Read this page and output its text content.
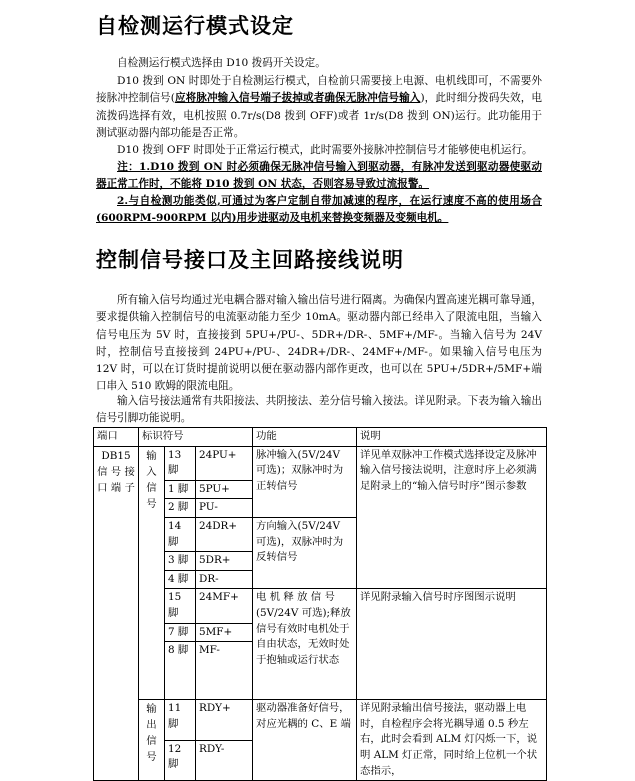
自检测运行模式设定

自检测运行模式选择由 D10 拨码开关设定。

D10 拨到 ON 时即处于自检测运行模式，自检前只需要接上电源、电机线即可，不需要外接脉冲控制信号(应将脉冲输入信号端子拔掉或者确保无脉冲信号输入)，此时细分拨码失效，电流拨码选择有效，电机按照 0.7r/s(D8 拨到 OFF)或者 1r/s(D8 拨到 ON)运行。此功能用于测试驱动器内部功能是否正常。

D10 拨到 OFF 时即处于正常运行模式，此时需要外接脉冲控制信号才能够使电机运行。

注：1.D10 拨到 ON 时必须确保无脉冲信号输入到驱动器，有脉冲发送到驱动器使驱动器正常工作时，不能将 D10 拨到 ON 状态，否则容易导致过流报警。

2.与自检测功能类似,可通过为客户定制自带加减速的程序，在运行速度不高的使用场合(600RPM-900RPM 以内)用步进驱动及电机来替换变频器及变频电机。

控制信号接口及主回路接线说明

所有输入信号均通过光电耦合器对输入输出信号进行隔离。为确保内置高速光耦可靠导通，要求提供输入控制信号的电流驱动能力至少 10mA。驱动器内部已经串入了限流电阻，当输入信号电压为 5V 时，直接接到 5PU+/PU-、5DR+/DR-、5MF+/MF-。当输入信号为 24V 时，控制信号直接接到 24PU+/PU-、24DR+/DR-、24MF+/MF-。如果输入信号电压为 12V 时，可以在订货时提前说明以便在驱动器内部作更改，也可以在 5PU+/5DR+/5MF+端口串入 510 欧姆的限流电阻。

输入信号接法通常有共阳接法、共阴接法、差分信号输入接法。详见附录。下表为输入输出信号引脚功能说明。

端口	标识符号			功能	说明
DB15 信 号 接 口 端 子	输 入 信 号	13 脚	24PU+	脉冲输入(5V/24V 可选)；双脉冲时为正转信号	详见单双脉冲工作模式选择设定及脉冲输入信号接法说明，注意时序上必须满足附录上的“输入信号时序”图示参数
		1 脚	5PU+		
		2 脚	PU-		
		14 脚	24DR+	方向输入(5V/24V 可选)，双脉冲时为反转信号	
		3 脚	5DR+		
		4 脚	DR-		
		15 脚	24MF+	电 机 释 放 信 号(5V/24V 可选);释放信号有效时电机处于自由状态，无效时处于抱轴或运行状态	详见附录输入信号时序图图示说明
		7 脚	5MF+		
		8 脚	MF-		
	输 出 信 号	11 脚	RDY+	驱动器准备好信号，对应光耦的 C、E 端	详见附录输出信号接法，驱动器上电时，自检程序会将光耦导通 0.5 秒左右，此时会看到 ALM 灯闪烁一下，说明 ALM 灯正常，同时给上位机一个状态指示，
		12 脚	RDY-		
